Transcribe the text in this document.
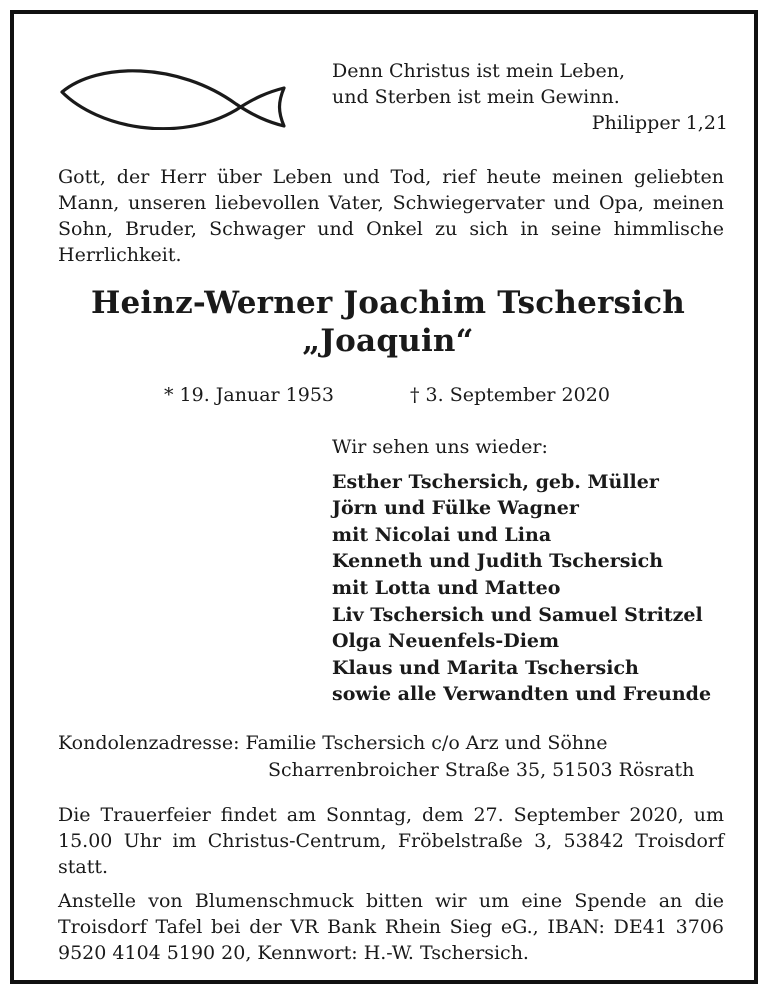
Denn Christus ist mein Leben,
und Sterben ist mein Gewinn.
Philipper 1,21
Gott, der Herr über Leben und Tod, rief heute meinen geliebten Mann, unseren liebevollen Vater, Schwiegervater und Opa, meinen Sohn, Bruder, Schwager und Onkel zu sich in seine himmlische Herrlichkeit.
Heinz-Werner Joachim Tschersich
„Joaquin“
* 19. Januar 1953	† 3. September 2020
Wir sehen uns wieder:
Esther Tschersich, geb. Müller
Jörn und Fülke Wagner
mit Nicolai und Lina
Kenneth und Judith Tschersich
mit Lotta und Matteo
Liv Tschersich und Samuel Stritzel
Olga Neuenfels-Diem
Klaus und Marita Tschersich
sowie alle Verwandten und Freunde
Kondolenzadresse: Familie Tschersich c/o Arz und Söhne
Scharrenbroicher Straße 35, 51503 Rösrath
Die Trauerfeier findet am Sonntag, dem 27. September 2020, um 15.00 Uhr im Christus-Centrum, Fröbelstraße 3, 53842 Troisdorf statt.
Anstelle von Blumenschmuck bitten wir um eine Spende an die Troisdorf Tafel bei der VR Bank Rhein Sieg eG., IBAN: DE41 3706 9520 4104 5190 20, Kennwort: H.-W. Tschersich.
